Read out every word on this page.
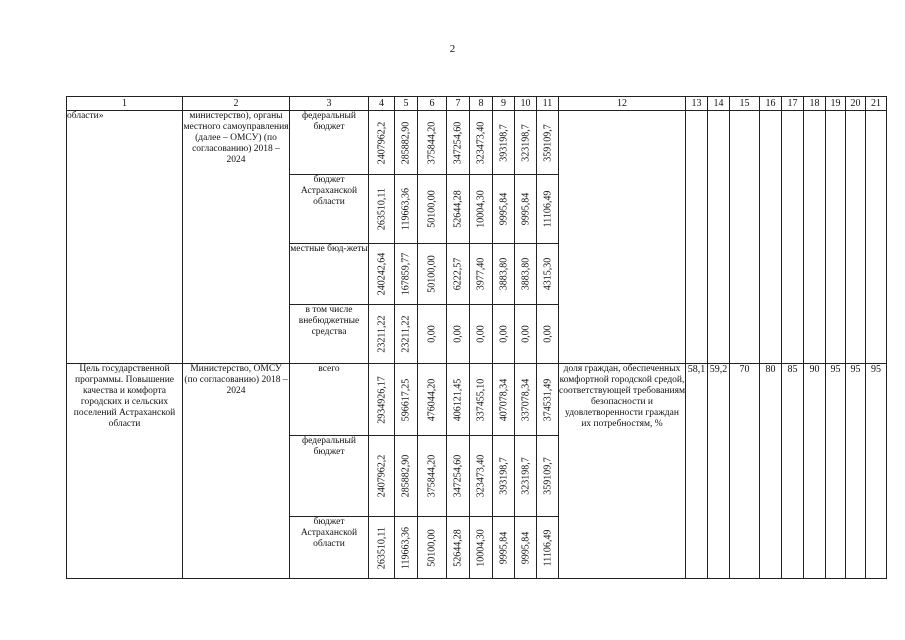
2
1	2	3	4	5	6	7	8	9	10	11	12	13	14	15	16	17	18	19	20	21
области»	министерство), органы местного самоуправления (далее – ОМСУ) (по согласованию) 2018 – 2024	федеральный бюджет	2407962,2	285882,90	375844,20	347254,60	323473,40	393198,7	323198,7	359109,7										

		бюджет Астраханской области	263510,11	119663,36	50100,00	52644,28	10004,30	9995,84	9995,84	11106,49										

		местные бюд-жеты	240242,64	167859,77	50100,00	6222,57	3977,40	3883,80	3883,80	4315,30										

		в том числе внебюджетные средства	23211,22	23211,22	0,00	0,00	0,00	0,00	0,00	0,00										

Цель государственной программы. Повышение качества и комфорта городских и сельских поселений Астраханской области	Министерство, ОМСУ (по согласованию) 2018 – 2024	всего	2934926,17	596617,25	476044,20	406121,45	337455,10	407078,34	337078,34	374531,49	доля граждан, обеспеченных комфортной городской средой, соответствующей требованиям безопасности и удовлетворенности граждан их потребностям, %	58,1	59,2	70	80	85	90	95	95	95
		федеральный бюджет	2407962,2	285882,90	375844,20	347254,60	323473,40	393198,7	323198,7	359109,7										

		бюджет Астраханской области	263510,11	119663,36	50100,00	52644,28	10004,30	9995,84	9995,84	11106,49										
